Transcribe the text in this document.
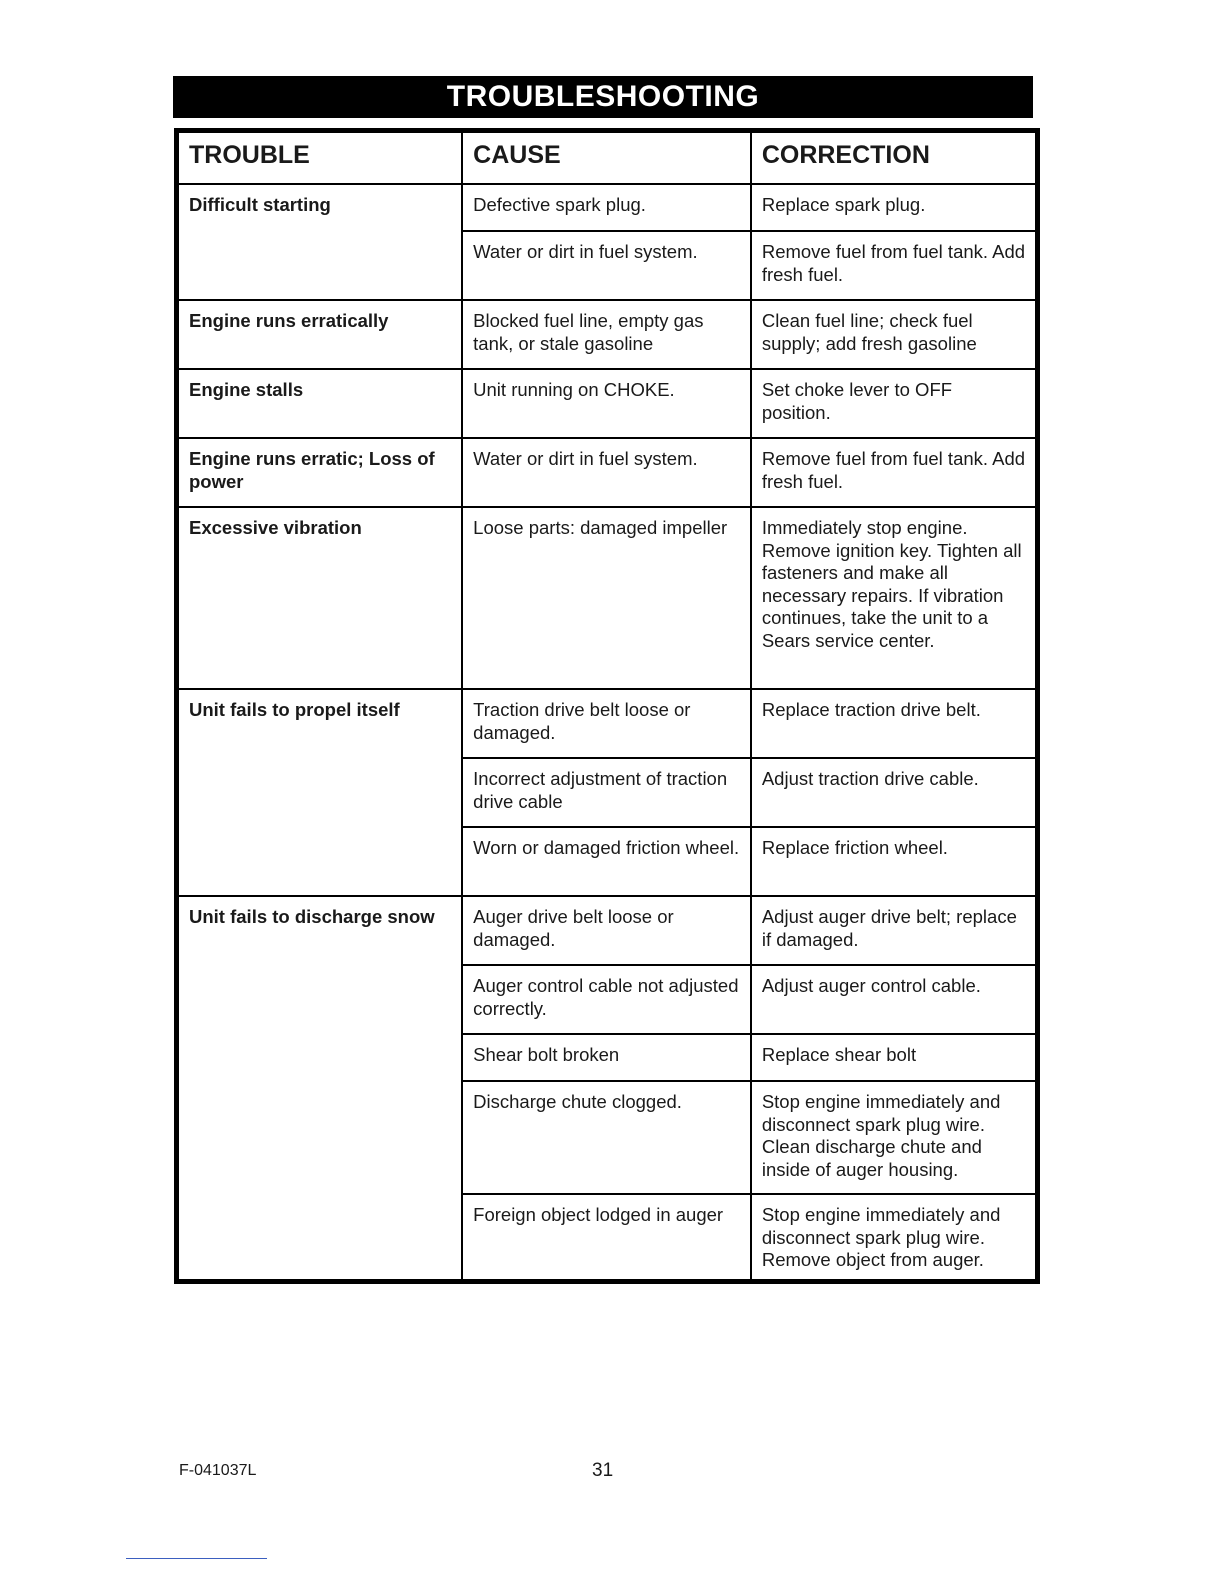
TROUBLESHOOTING
TROUBLE	CAUSE	CORRECTION
Difficult starting	Defective spark plug.	Replace spark plug.
	Water or dirt in fuel system.	Remove fuel from fuel tank. Add fresh fuel.
Engine runs erratically	Blocked fuel line, empty gas tank, or stale gasoline	Clean fuel line; check fuel supply; add fresh gasoline
Engine stalls	Unit running on CHOKE.	Set choke lever to OFF position.
Engine runs erratic; Loss of power	Water or dirt in fuel system.	Remove fuel from fuel tank. Add fresh fuel.
Excessive vibration	Loose parts: damaged impeller	Immediately stop engine. Remove ignition key. Tighten all fasteners and make all necessary repairs. If vibration continues, take the unit to a Sears service center.
Unit fails to propel itself	Traction drive belt loose or damaged.	Replace traction drive belt.
	Incorrect adjustment of traction drive cable	Adjust traction drive cable.
	Worn or damaged friction wheel.	Replace friction wheel.
Unit fails to discharge snow	Auger drive belt loose or damaged.	Adjust auger drive belt; replace if damaged.
	Auger control cable not adjusted correctly.	Adjust auger control cable.
	Shear bolt broken	Replace shear bolt
	Discharge chute clogged.	Stop engine immediately and disconnect spark plug wire. Clean discharge chute and inside of auger housing.
	Foreign object lodged in auger	Stop engine immediately and disconnect spark plug wire. Remove object from auger.
F-041037L	31
